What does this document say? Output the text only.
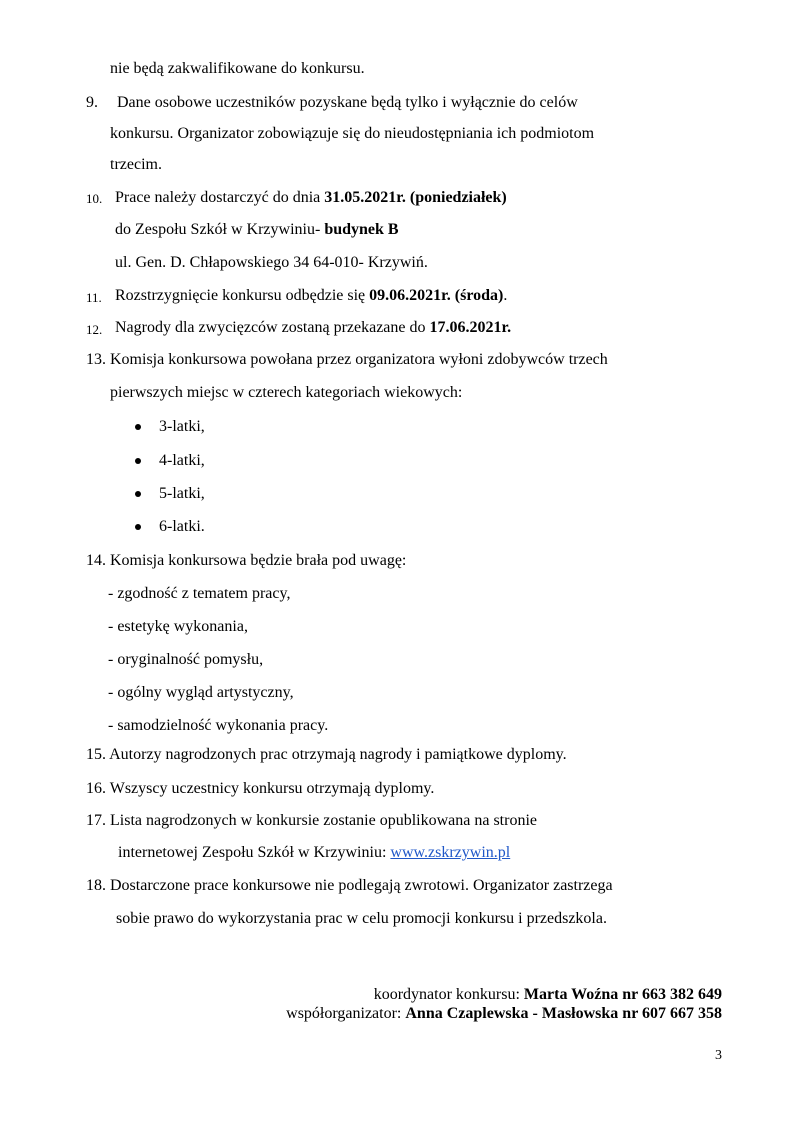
nie będą zakwalifikowane do konkursu.
9. Dane osobowe uczestników pozyskane będą tylko i wyłącznie do celów
konkursu. Organizator zobowiązuje się do nieudostępniania ich podmiotom
trzecim.
10. Prace należy dostarczyć do dnia 31.05.2021r. (poniedziałek)
do Zespołu Szkół w Krzywiniu- budynek B
ul. Gen. D. Chłapowskiego 34 64-010- Krzywiń.
11. Rozstrzygnięcie konkursu odbędzie się 09.06.2021r. (środa).
12. Nagrody dla zwycięzców zostaną przekazane do 17.06.2021r.
13. Komisja konkursowa powołana przez organizatora wyłoni zdobywców trzech
pierwszych miejsc w czterech kategoriach wiekowych:
3-latki,
4-latki,
5-latki,
6-latki.
14. Komisja konkursowa będzie brała pod uwagę:
- zgodność z tematem pracy,
- estetykę wykonania,
- oryginalność pomysłu,
- ogólny wygląd artystyczny,
- samodzielność wykonania pracy.
15. Autorzy nagrodzonych prac otrzymają nagrody i pamiątkowe dyplomy.
16. Wszyscy uczestnicy konkursu otrzymają dyplomy.
17. Lista nagrodzonych w konkursie zostanie opublikowana na stronie
internetowej Zespołu Szkół w Krzywiniu: www.zskrzywin.pl
18. Dostarczone prace konkursowe nie podlegają zwrotowi. Organizator zastrzega
sobie prawo do wykorzystania prac w celu promocji konkursu i przedszkola.
koordynator konkursu: Marta Woźna nr 663 382 649
współorganizator: Anna Czaplewska - Masłowska nr 607 667 358
3
